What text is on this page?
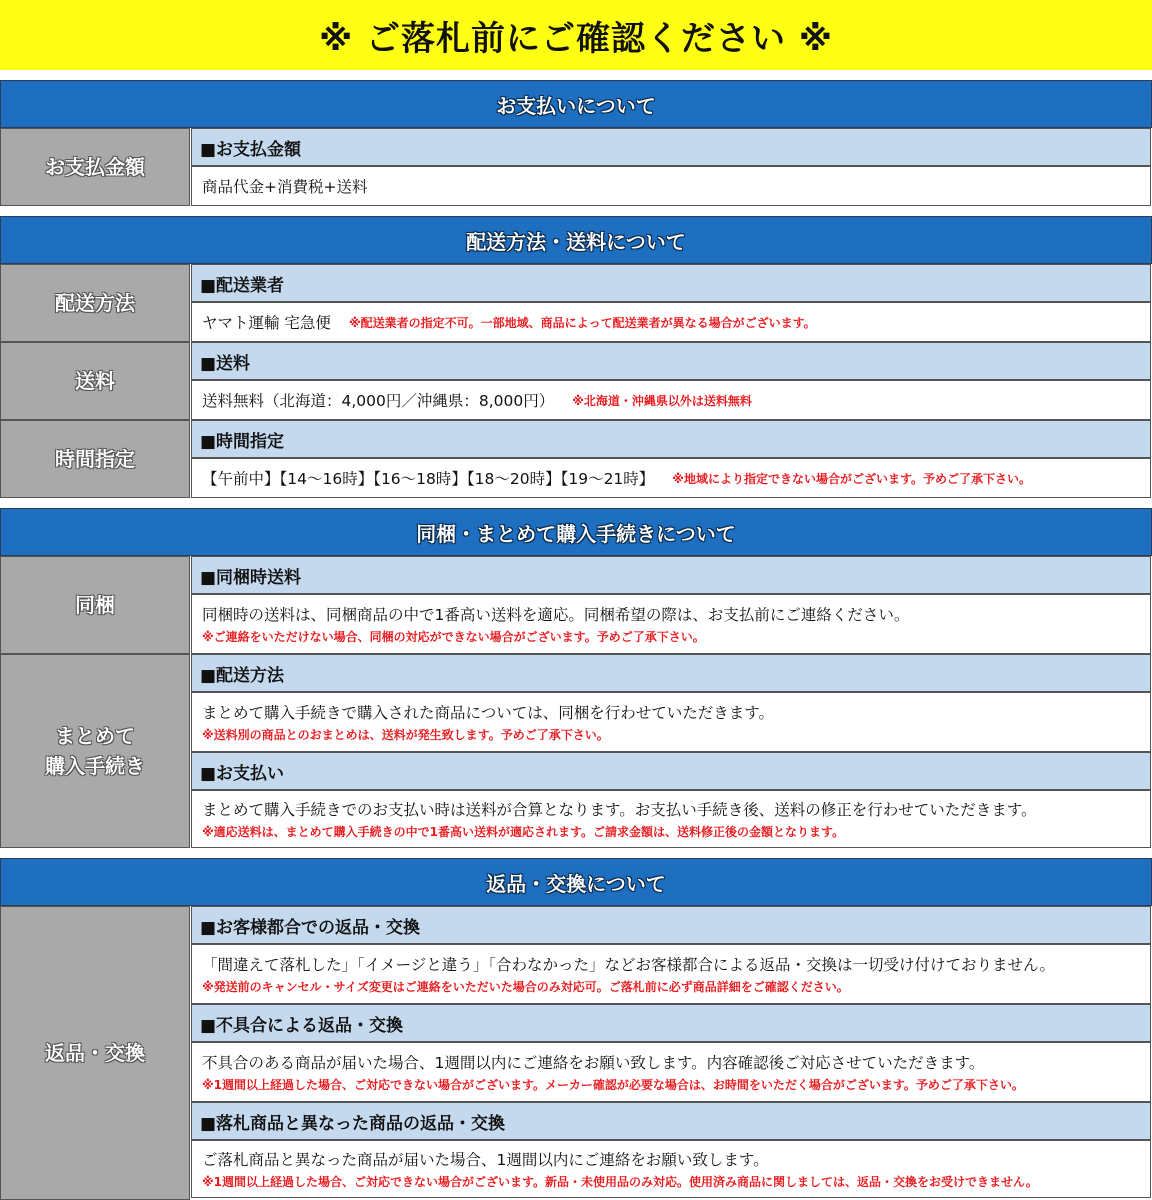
※ ご落札前にご確認ください ※
お支払いについて
お支払金額
■お支払金額
商品代金+消費税+送料
配送方法・送料について
配送方法
■配送業者
ヤマト運輸 宅急便 ※配送業者の指定不可。一部地域、商品によって配送業者が異なる場合がございます。
送料
■送料
送料無料（北海道：4,000円／沖縄県：8,000円） ※北海道・沖縄県以外は送料無料
時間指定
■時間指定
【午前中】【14～16時】【16～18時】【18～20時】【19～21時】 ※地域により指定できない場合がございます。予めご了承下さい。
同梱・まとめて購入手続きについて
同梱
■同梱時送料
同梱時の送料は、同梱商品の中で1番高い送料を適応。同梱希望の際は、お支払前にご連絡ください。
※ご連絡をいただけない場合、同梱の対応ができない場合がございます。予めご了承下さい。
まとめて
購入手続き
■配送方法
まとめて購入手続きで購入された商品については、同梱を行わせていただきます。
※送料別の商品とのおまとめは、送料が発生致します。予めご了承下さい。
■お支払い
まとめて購入手続きでのお支払い時は送料が合算となります。お支払い手続き後、送料の修正を行わせていただきます。
※適応送料は、まとめて購入手続きの中で1番高い送料が適応されます。ご請求金額は、送料修正後の金額となります。
返品・交換について
返品・交換
■お客様都合での返品・交換
「間違えて落札した」「イメージと違う」「合わなかった」などお客様都合による返品・交換は一切受け付けておりません。
※発送前のキャンセル・サイズ変更はご連絡をいただいた場合のみ対応可。ご落札前に必ず商品詳細をご確認ください。
■不具合による返品・交換
不具合のある商品が届いた場合、1週間以内にご連絡をお願い致します。内容確認後ご対応させていただきます。
※1週間以上経過した場合、ご対応できない場合がございます。メーカー確認が必要な場合は、お時間をいただく場合がございます。予めご了承下さい。
■落札商品と異なった商品の返品・交換
ご落札商品と異なった商品が届いた場合、1週間以内にご連絡をお願い致します。
※1週間以上経過した場合、ご対応できない場合がございます。新品・未使用品のみ対応。使用済み商品に関しましては、返品・交換をお受けできません。
